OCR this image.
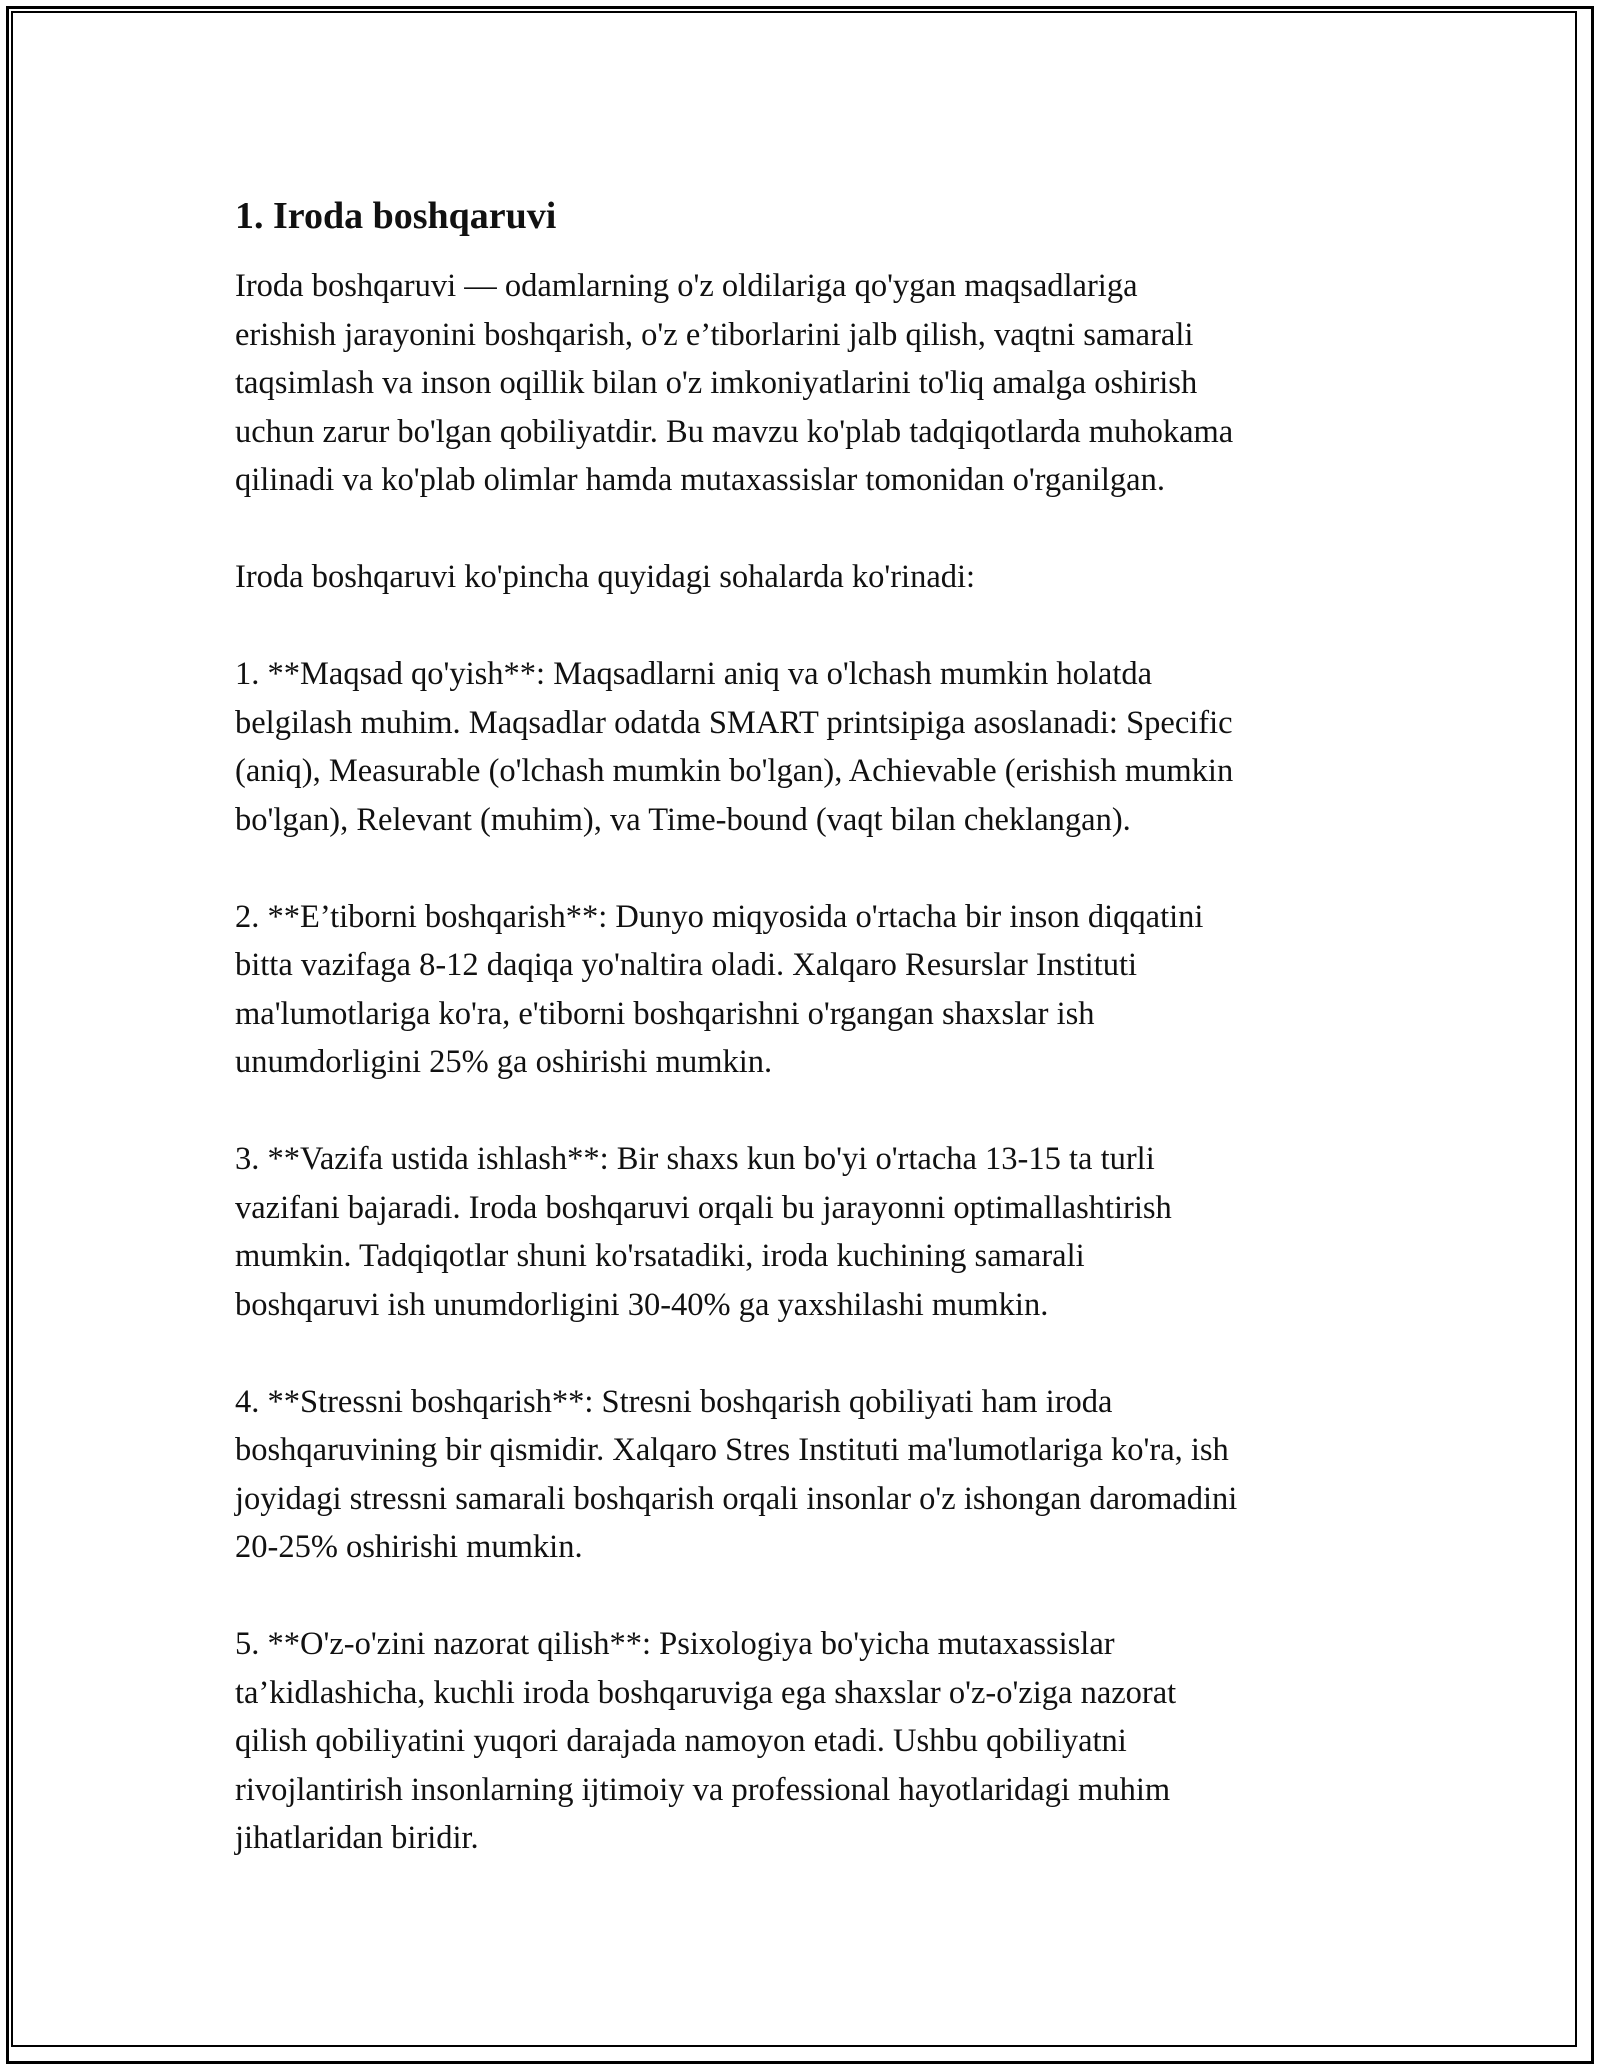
1. Iroda boshqaruvi

Iroda boshqaruvi — odamlarning o'z oldilariga qo'ygan maqsadlariga
erishish jarayonini boshqarish, o'z e’tiborlarini jalb qilish, vaqtni samarali
taqsimlash va inson oqillik bilan o'z imkoniyatlarini to'liq amalga oshirish
uchun zarur bo'lgan qobiliyatdir. Bu mavzu ko'plab tadqiqotlarda muhokama
qilinadi va ko'plab olimlar hamda mutaxassislar tomonidan o'rganilgan.

Iroda boshqaruvi ko'pincha quyidagi sohalarda ko'rinadi:

1. **Maqsad qo'yish**: Maqsadlarni aniq va o'lchash mumkin holatda
belgilash muhim. Maqsadlar odatda SMART printsipiga asoslanadi: Specific
(aniq), Measurable (o'lchash mumkin bo'lgan), Achievable (erishish mumkin
bo'lgan), Relevant (muhim), va Time-bound (vaqt bilan cheklangan).

2. **E’tiborni boshqarish**: Dunyo miqyosida o'rtacha bir inson diqqatini
bitta vazifaga 8-12 daqiqa yo'naltira oladi. Xalqaro Resurslar Instituti
ma'lumotlariga ko'ra, e'tiborni boshqarishni o'rgangan shaxslar ish
unumdorligini 25% ga oshirishi mumkin.

3. **Vazifa ustida ishlash**: Bir shaxs kun bo'yi o'rtacha 13-15 ta turli
vazifani bajaradi. Iroda boshqaruvi orqali bu jarayonni optimallashtirish
mumkin. Tadqiqotlar shuni ko'rsatadiki, iroda kuchining samarali
boshqaruvi ish unumdorligini 30-40% ga yaxshilashi mumkin.

4. **Stressni boshqarish**: Stresni boshqarish qobiliyati ham iroda
boshqaruvining bir qismidir. Xalqaro Stres Instituti ma'lumotlariga ko'ra, ish
joyidagi stressni samarali boshqarish orqali insonlar o'z ishongan daromadini
20-25% oshirishi mumkin.

5. **O'z-o'zini nazorat qilish**: Psixologiya bo'yicha mutaxassislar
ta’kidlashicha, kuchli iroda boshqaruviga ega shaxslar o'z-o'ziga nazorat
qilish qobiliyatini yuqori darajada namoyon etadi. Ushbu qobiliyatni
rivojlantirish insonlarning ijtimoiy va professional hayotlaridagi muhim
jihatlaridan biridir.
